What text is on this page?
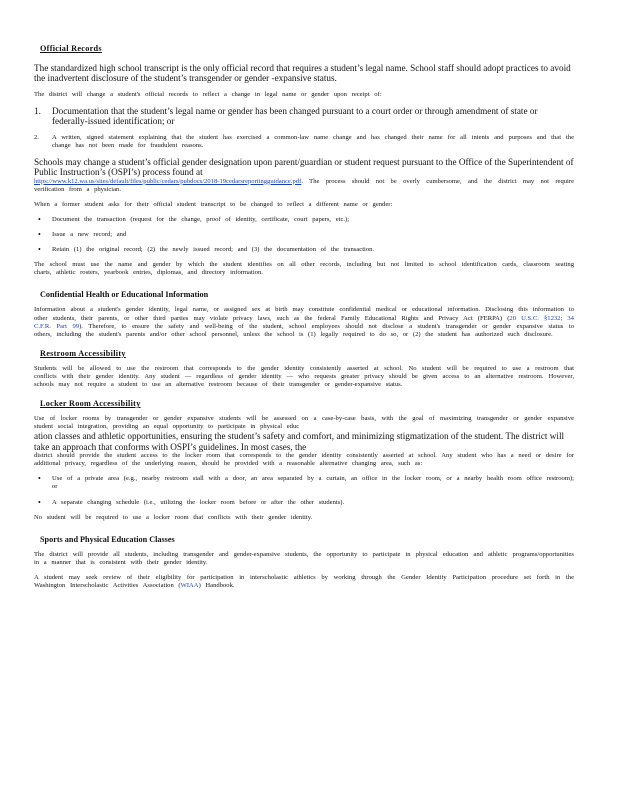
Official Records

The standardized high school transcript is the only official record that requires a student’s legal name. School staff should adopt practices to avoid the inadvertent disclosure of the student’s transgender or gender -expansive status.

The district will change a student's official records to reflect a change in legal name or gender upon receipt of:

1. Documentation that the student’s legal name or gender has been changed pursuant to a court order or through amendment of state or federally-issued identification; or
2. A written, signed statement explaining that the student has exercised a common-law name change and has changed their name for all intents and purposes and that the change has not been made for fraudulent reasons.

Schools may change a student’s official gender designation upon parent/guardian or student request pursuant to the Office of the Superintendent of Public Instruction’s (OSPI’s) process found at

https://www.k12.wa.us/sites/default/files/public/cedars/pubdocs/2018-19cedarsreportingguidance.pdf. The process should not be overly cumbersome, and the district may not require verification from a physician.

When a former student asks for their official student transcript to be changed to reflect a different name or gender:

• Document the transaction (request for the change, proof of identity, certificate, court papers, etc.);
• Issue a new record; and
• Retain (1) the original record; (2) the newly issued record; and (3) the documentation of the transaction.

The school must use the name and gender by which the student identifies on all other records, including but not limited to school identification cards, classroom seating charts, athletic rosters, yearbook entries, diplomas, and directory information.

Confidential Health or Educational Information

Information about a student's gender identity, legal name, or assigned sex at birth may constitute confidential medical or educational information. Disclosing this information to other students, their parents, or other third parties may violate privacy laws, such as the federal Family Educational Rights and Privacy Act (FERPA) (20 U.S.C. §1232; 34 C.F.R. Part 99). Therefore, to ensure the safety and well-being of the student, school employees should not disclose a student's transgender or gender expansive status to others, including the student's parents and/or other school personnel, unless the school is (1) legally required to do so, or (2) the student has authorized such disclosure.

Restroom Accessibility

Students will be allowed to use the restroom that corresponds to the gender identity consistently asserted at school. No student will be required to use a restroom that conflicts with their gender identity. Any student — regardless of gender identity — who requests greater privacy should be given access to an alternative restroom. However, schools may not require a student to use an alternative restroom because of their transgender or gender-expansive status.

Locker Room Accessibility

Use of locker rooms by transgender or gender expansive students will be assessed on a case-by-case basis, with the goal of maximizing transgender or gender expansive student social integration, providing an equal opportunity to participate in physical educ

ation classes and athletic opportunities, ensuring the student’s safety and comfort, and minimizing stigmatization of the student. The district will take an approach that conforms with OSPI’s guidelines. In most cases, the

district should provide the student access to the locker room that corresponds to the gender identity consistently asserted at school. Any student who has a need or desire for additional privacy, regardless of the underlying reason, should be provided with a reasonable alternative changing area, such as:

• Use of a private area (e.g., nearby restroom stall with a door, an area separated by a curtain, an office in the locker room, or a nearby health room office restroom); or
• A separate changing schedule (i.e., utilizing the locker room before or after the other students).

No student will be required to use a locker room that conflicts with their gender identity.

Sports and Physical Education Classes

The district will provide all students, including transgender and gender-expansive students, the opportunity to participate in physical education and athletic programs/opportunities in a manner that is consistent with their gender identity.

A student may seek review of their eligibility for participation in interscholastic athletics by working through the Gender Identity Participation procedure set forth in the Washington Interscholastic Activities Association (WIAA) Handbook.
